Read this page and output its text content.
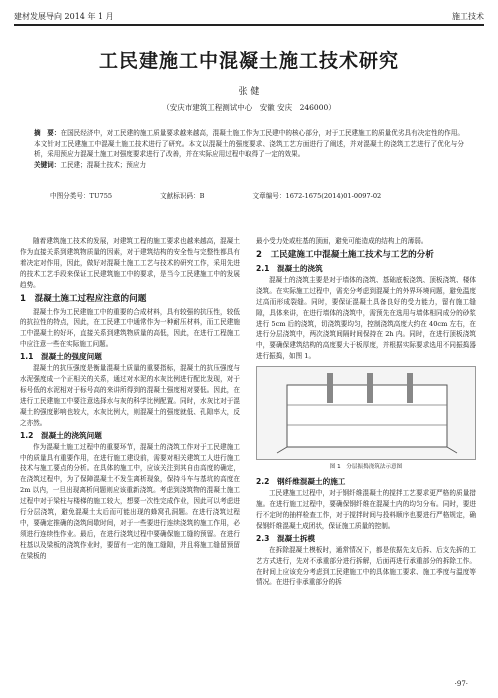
建材发展导向 2014 年 1 月	施工技术
工民建施工中混凝土施工技术研究
张 健
（安庆市建筑工程测试中心　安徽 安庆　246000）
摘　要：在国民经济中，对工民建的施工质量要求越来越高，混凝土施工作为工民建中的核心部分，对于工民建施工的质量优劣具有决定性的作用。本文针对工民建施工中混凝土施工技术进行了研究。本文以混凝土的强度要求、浇筑工艺方面进行了阐述，并对混凝土的浇筑工艺进行了优化与分析，采用预应力混凝土施工对强度要求进行了改善，并在实际应用过程中取得了一定的效果。
关键词：工民建；混凝土技术；预应力
中图分类号：TU755	文献标识码：B	文章编号：1672-1675(2014)01-0097-02

随着建筑施工技术的发展，对建筑工程的施工要求也越来越高，混凝土作为直接关系到建筑物质量的因素，对于建筑结构的安全性与完整性都具有着决定对作用，因此，做好对混凝土施工工艺与技术的研究工作，采用先进的技术工艺手段来保证工民建筑施工中的要求，是当今工民建施工中的发展趋势。

1　混凝土施工过程应注意的问题

混凝土作为工民建施工中的重要的合成材料，具有较强的抗压性，较低的抗拉性的特点，因此，在工民建工中通常作为一种耐压材料，而工民建施工中混凝土的好坏，直接关系到建筑物质量的高低，因此，在进行工程施工中应注意一些在实际施工问题。

1.1　混凝土的强度问题

混凝土的抗压强度是衡量混凝土质量的重要指标，混凝土的抗压强度与水泥强度成一个正相关的关系，通过对水泥的水灰比例进行配比发现，对于标号低的水泥相对于标号高的来讲所得到的混凝土强度相对要低。因此，在进行工民建施工中要注意选择水与灰的科学比例配置。同时，水灰比对于混凝土的强度影响也较大，水灰比例大，则混凝土的强度就低、孔隙率大，反之亦然。

1.2　混凝土的浇筑问题

作为混凝土施工过程中的重要环节，混凝土的浇筑工作对于工民建施工中的质量具有重要作用，在进行施工建设前，需要对相关建筑工人进行施工技术与施工要点的分析。在具体的施工中，应该关注到其自由高度的确定，在浇筑过程中，为了保障混凝土不发生离析现象，保持斗车与基坑的高度在 2m 以内，一旦出现离析问题则应该重新浇筑。考虑到浇筑物的混凝土施工过程中对于梁柱与楼梯的施工较大，想要一次性完成作业，因此可以考虑进行分层浇筑，避免混凝土太后而可能出现的蜂窝孔洞题。在进行浇筑过程中，要确定推确的浇筑间歇时间，对于一些要进行连续浇筑的施工作用，必须进行连续性作业。最后，在进行浇筑过程中要确保施工缝的预留。在进行柱基以及梁板的浇筑作业时，要留有一定的施工缝隙，并且将施工缝留预留在梁板的

最小受力处或柱基的顶面，避免可能造成的结构上的薄弱。

2　工民建施工中混凝土施工技术与工艺的分析
2.1　混凝土的浇筑

混凝土的浇筑主要是对于墙体的浇筑、基础底板浇筑、顶板浇筑、楼体浇筑。在实际施工过程中，需充分考虑到混凝土的外界环境问题，避免温度过高而形成裂缝。同时，要保证混凝土具备良好的受力能力，留有施工缝隙，具体来讲，在进行墙体的浇筑中，需预先在选用与墙体相同成分的砂浆进行 5cm 后的浇筑，切浇筑要均匀，控制浇筑高度大约在 40cm 左右，在进行分层浇筑中，两次浇筑间隔时间保持在 2h 内。同时，在进行顶板浇筑中，要确保建筑结构的高度要大于板厚度，并根据实际要求选用不同振捣器进行振捣，如图 1。

图 1　分层振捣浇筑法示意图
2.2　钢纤维混凝土的施工

工民建施工过程中，对于钢纤维混凝土的搅拌工艺要求更严格的质量措施。在进行施工过程中，要确保钢纤维在混凝土内的均匀分布。同时，要进行不定时的抽样检查工作，对于搅拌时间与投料顺序也要进行严格规定，确保钢纤维混凝土成团状，保证施工质量的控制。

2.3　混凝土拆模

在拆除混凝土模板时，通常情况下，都是依据先支后拆、后支先拆的工艺方式进行，先对不承重部分进行拆解，后面再进行承重部分的拆除工作。在时间上应该充分考虑到工民建施工中的具体施工要求、施工季度与温度等情况。在进行非承重部分的拆

·97·
